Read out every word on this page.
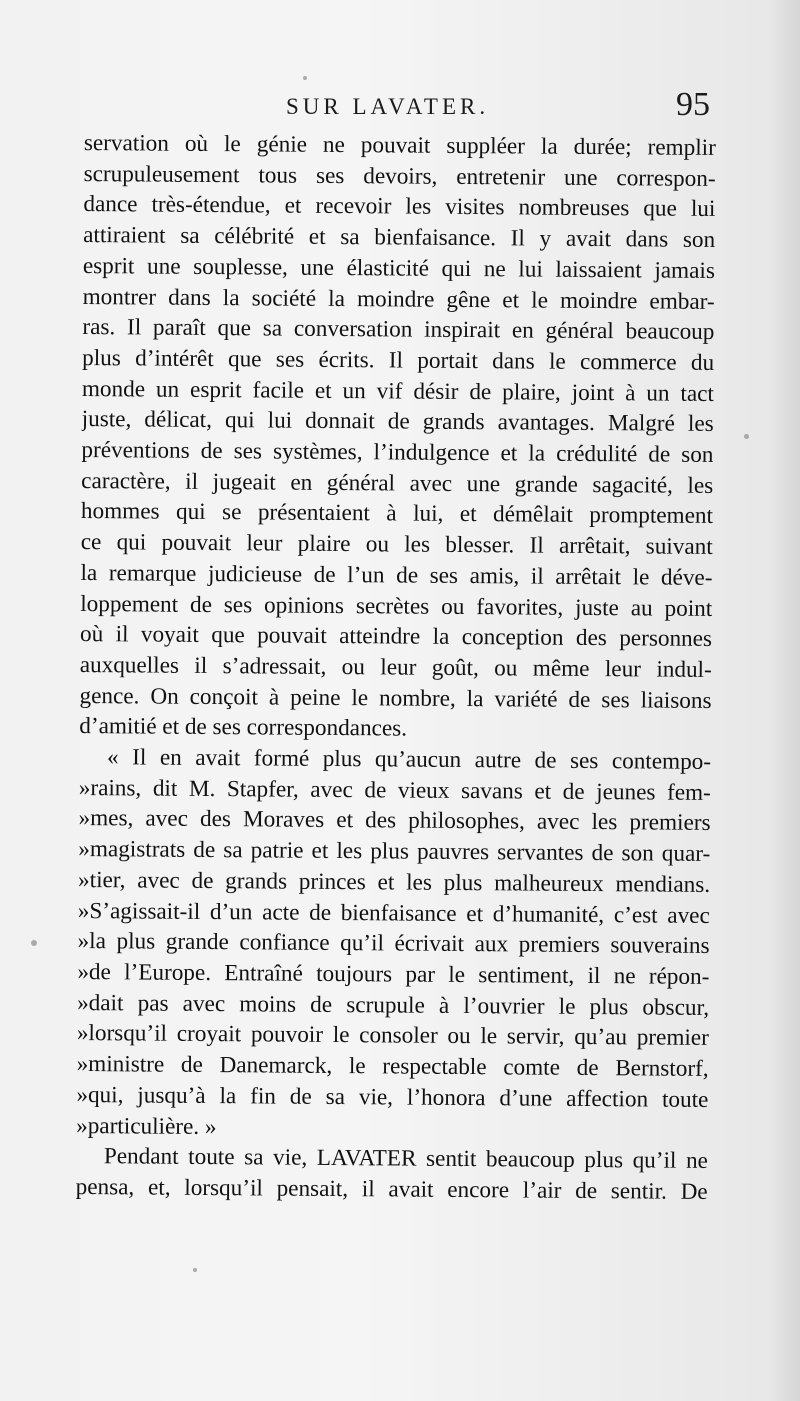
SUR LAVATER.	95
servation où le génie ne pouvait suppléer la durée; remplir
scrupuleusement tous ses devoirs, entretenir une correspon-
dance très-étendue, et recevoir les visites nombreuses que lui
attiraient sa célébrité et sa bienfaisance. Il y avait dans son
esprit une souplesse, une élasticité qui ne lui laissaient jamais
montrer dans la société la moindre gêne et le moindre embar-
ras. Il paraît que sa conversation inspirait en général beaucoup
plus d’intérêt que ses écrits. Il portait dans le commerce du
monde un esprit facile et un vif désir de plaire, joint à un tact
juste, délicat, qui lui donnait de grands avantages. Malgré les
préventions de ses systèmes, l’indulgence et la crédulité de son
caractère, il jugeait en général avec une grande sagacité, les
hommes qui se présentaient à lui, et démêlait promptement
ce qui pouvait leur plaire ou les blesser. Il arrêtait, suivant
la remarque judicieuse de l’un de ses amis, il arrêtait le déve-
loppement de ses opinions secrètes ou favorites, juste au point
où il voyait que pouvait atteindre la conception des personnes
auxquelles il s’adressait, ou leur goût, ou même leur indul-
gence. On conçoit à peine le nombre, la variété de ses liaisons
d’amitié et de ses correspondances.
« Il en avait formé plus qu’aucun autre de ses contempo-
»rains, dit M. Stapfer, avec de vieux savans et de jeunes fem-
»mes, avec des Moraves et des philosophes, avec les premiers
»magistrats de sa patrie et les plus pauvres servantes de son quar-
»tier, avec de grands princes et les plus malheureux mendians.
»S’agissait-il d’un acte de bienfaisance et d’humanité, c’est avec
»la plus grande confiance qu’il écrivait aux premiers souverains
»de l’Europe. Entraîné toujours par le sentiment, il ne répon-
»dait pas avec moins de scrupule à l’ouvrier le plus obscur,
»lorsqu’il croyait pouvoir le consoler ou le servir, qu’au premier
»ministre de Danemarck, le respectable comte de Bernstorf,
»qui, jusqu’à la fin de sa vie, l’honora d’une affection toute
»particulière. »
Pendant toute sa vie, LAVATER sentit beaucoup plus qu’il ne
pensa, et, lorsqu’il pensait, il avait encore l’air de sentir. De
